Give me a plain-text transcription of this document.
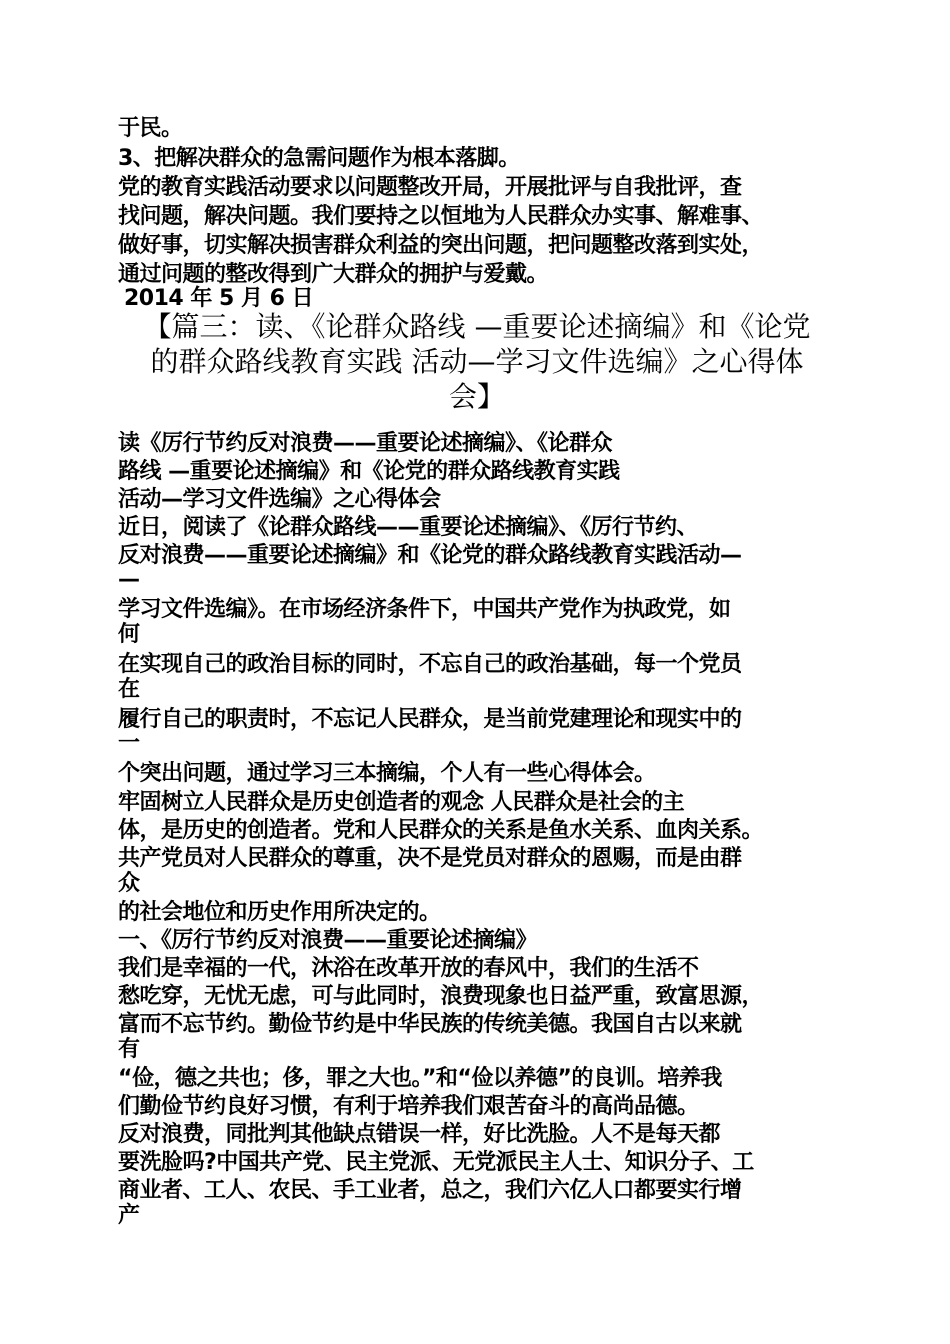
于民。
3、把解决群众的急需问题作为根本落脚。
党的教育实践活动要求以问题整改开局，开展批评与自我批评，查
找问题，解决问题。我们要持之以恒地为人民群众办实事、解难事、
做好事，切实解决损害群众利益的突出问题，把问题整改落到实处，
通过问题的整改得到广大群众的拥护与爱戴。
2014 年 5 月 6 日
【篇三：读、《论群众路线 —重要论述摘编》和《论党
的群众路线教育实践 活动—学习文件选编》之心得体
会】
读《厉行节约反对浪费——重要论述摘编》、《论群众
路线 —重要论述摘编》和《论党的群众路线教育实践
活动—学习文件选编》之心得体会
近日，阅读了《论群众路线——重要论述摘编》、《厉行节约、
反对浪费——重要论述摘编》和《论党的群众路线教育实践活动—
—
学习文件选编》。在市场经济条件下，中国共产党作为执政党，如
何
在实现自己的政治目标的同时，不忘自己的政治基础，每一个党员
在
履行自己的职责时，不忘记人民群众，是当前党建理论和现实中的
一
个突出问题，通过学习三本摘编，个人有一些心得体会。
牢固树立人民群众是历史创造者的观念 人民群众是社会的主
体，是历史的创造者。党和人民群众的关系是鱼水关系、血肉关系。
共产党员对人民群众的尊重，决不是党员对群众的恩赐，而是由群
众
的社会地位和历史作用所决定的。
一、《厉行节约反对浪费——重要论述摘编》
我们是幸福的一代，沐浴在改革开放的春风中，我们的生活不
愁吃穿，无忧无虑，可与此同时，浪费现象也日益严重，致富思源，
富而不忘节约。勤俭节约是中华民族的传统美德。我国自古以来就
有
“俭，德之共也；侈，罪之大也。”和“俭以养德”的良训。培养我
们勤俭节约良好习惯，有利于培养我们艰苦奋斗的高尚品德。
反对浪费，同批判其他缺点错误一样，好比洗脸。人不是每天都
要洗脸吗?中国共产党、民主党派、无党派民主人士、知识分子、工
商业者、工人、农民、手工业者，总之，我们六亿人口都要实行增
产
